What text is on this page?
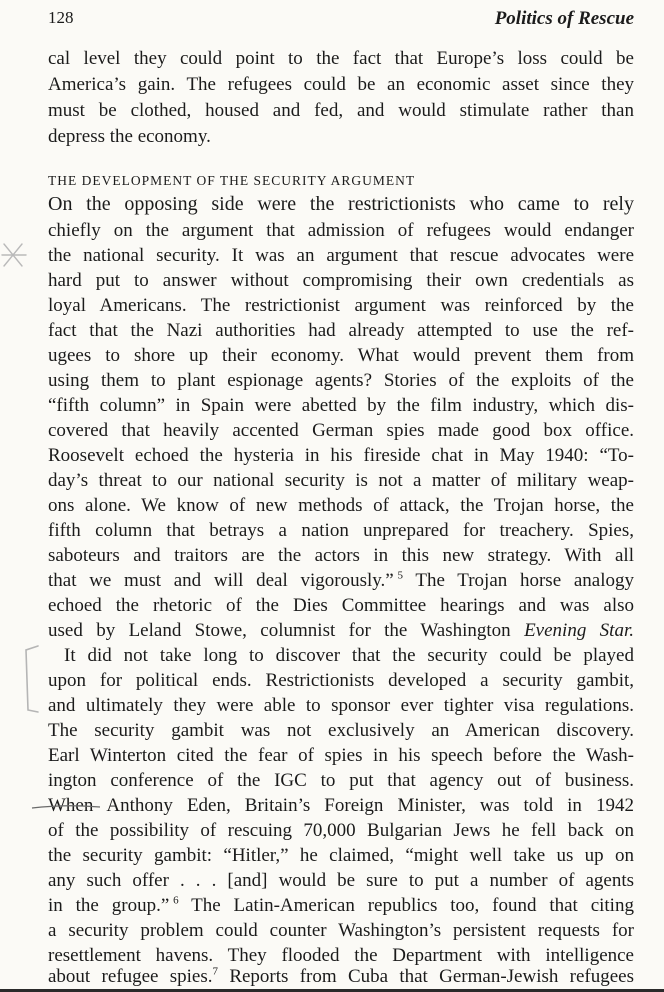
128	Politics of Rescue
cal level they could point to the fact that Europe’s loss could be
America’s gain. The refugees could be an economic asset since they
must be clothed, housed and fed, and would stimulate rather than
depress the economy.
THE DEVELOPMENT OF THE SECURITY ARGUMENT
On the opposing side were the restrictionists who came to rely
chiefly on the argument that admission of refugees would endanger
the national security. It was an argument that rescue advocates were
hard put to answer without compromising their own credentials as
loyal Americans. The restrictionist argument was reinforced by the
fact that the Nazi authorities had already attempted to use the ref-
ugees to shore up their economy. What would prevent them from
using them to plant espionage agents? Stories of the exploits of the
“fifth column” in Spain were abetted by the film industry, which dis-
covered that heavily accented German spies made good box office.
Roosevelt echoed the hysteria in his fireside chat in May 1940: “To-
day’s threat to our national security is not a matter of military weap-
ons alone. We know of new methods of attack, the Trojan horse, the
fifth column that betrays a nation unprepared for treachery. Spies,
saboteurs and traitors are the actors in this new strategy. With all
that we must and will deal vigorously.”  $^5$ The Trojan horse analogy
echoed the rhetoric of the Dies Committee hearings and was also
used by Leland Stowe, columnist for the Washington Evening Star.
It did not take long to discover that the security could be played
upon for political ends. Restrictionists developed a security gambit,
and ultimately they were able to sponsor ever tighter visa regulations.
The security gambit was not exclusively an American discovery.
Earl Winterton cited the fear of spies in his speech before the Wash-
ington conference of the IGC to put that agency out of business.
When Anthony Eden, Britain’s Foreign Minister, was told in 1942
of the possibility of rescuing 70,000 Bulgarian Jews he fell back on
the security gambit: “Hitler,” he claimed, “might well take us up on
any such offer . . . [and] would be sure to put a number of agents
in the group.”  $^6$ The Latin-American republics too, found that citing
a security problem could counter Washington’s persistent requests for
resettlement havens. They flooded the Department with intelligence
about refugee spies.$^7$ Reports from Cuba that German-Jewish refugees
